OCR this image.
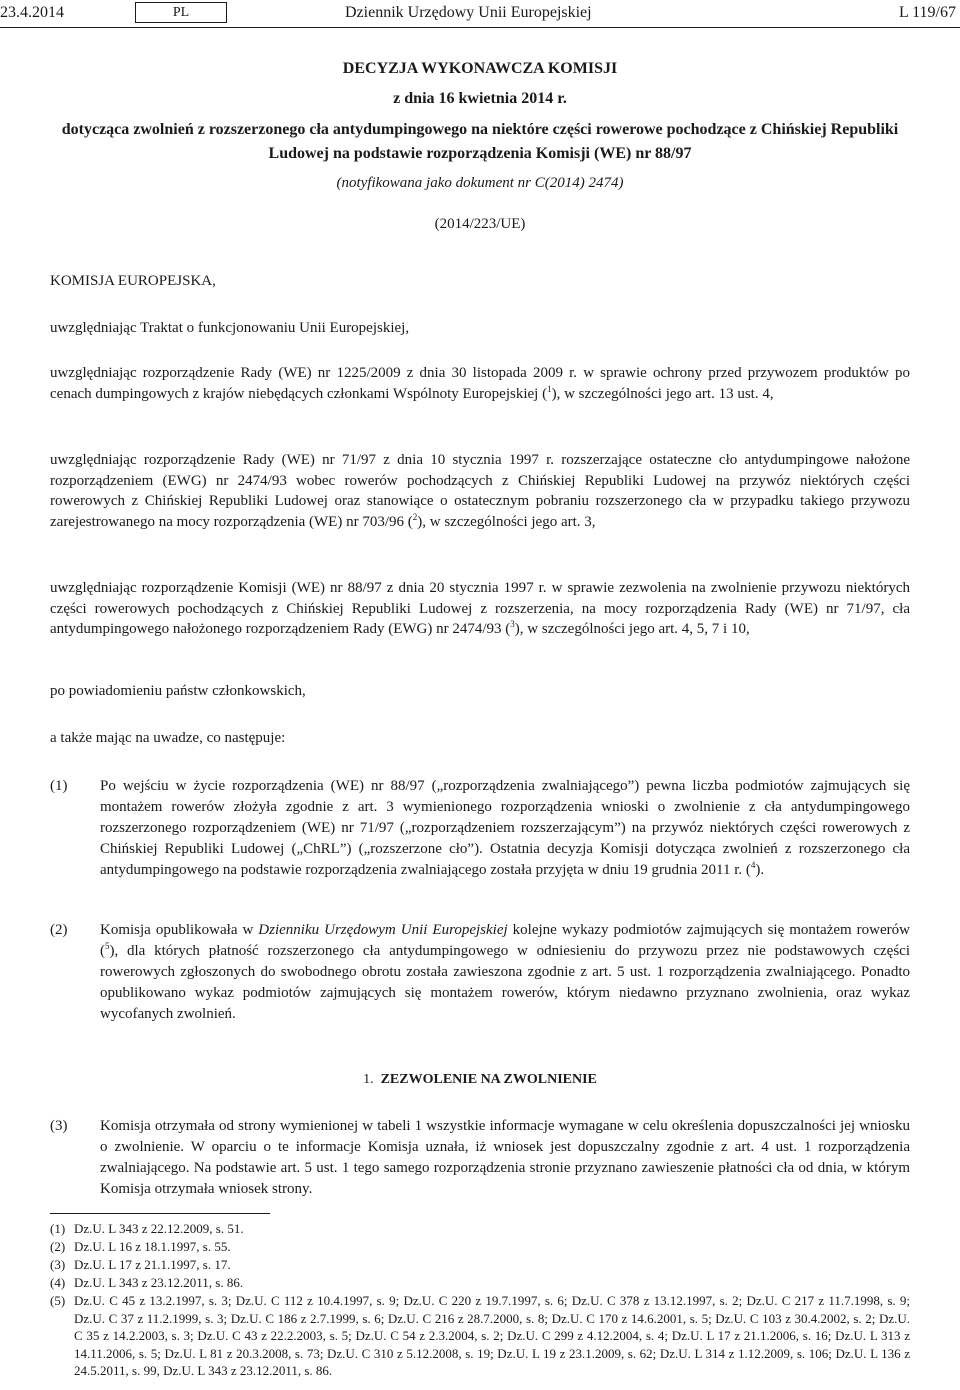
23.4.2014	PL	Dziennik Urzędowy Unii Europejskiej	L 119/67
DECYZJA WYKONAWCZA KOMISJI
z dnia 16 kwietnia 2014 r.
dotycząca zwolnień z rozszerzonego cła antydumpingowego na niektóre części rowerowe pochodzące z Chińskiej Republiki Ludowej na podstawie rozporządzenia Komisji (WE) nr 88/97
(notyfikowana jako dokument nr C(2014) 2474)
(2014/223/UE)

KOMISJA EUROPEJSKA,

uwzględniając Traktat o funkcjonowaniu Unii Europejskiej,

uwzględniając rozporządzenie Rady (WE) nr 1225/2009 z dnia 30 listopada 2009 r. w sprawie ochrony przed przywozem produktów po cenach dumpingowych z krajów niebędących członkami Wspólnoty Europejskiej ($^1$), w szczególności jego art. 13 ust. 4,

uwzględniając rozporządzenie Rady (WE) nr 71/97 z dnia 10 stycznia 1997 r. rozszerzające ostateczne cło antydumpingowe nałożone rozporządzeniem (EWG) nr 2474/93 wobec rowerów pochodzących z Chińskiej Republiki Ludowej na przywóz niektórych części rowerowych z Chińskiej Republiki Ludowej oraz stanowiące o ostatecznym pobraniu rozszerzonego cła w przypadku takiego przywozu zarejestrowanego na mocy rozporządzenia (WE) nr 703/96 ($^2$), w szczególności jego art. 3,

uwzględniając rozporządzenie Komisji (WE) nr 88/97 z dnia 20 stycznia 1997 r. w sprawie zezwolenia na zwolnienie przywozu niektórych części rowerowych pochodzących z Chińskiej Republiki Ludowej z rozszerzenia, na mocy rozporządzenia Rady (WE) nr 71/97, cła antydumpingowego nałożonego rozporządzeniem Rady (EWG) nr 2474/93 ($^3$), w szczególności jego art. 4, 5, 7 i 10,

po powiadomieniu państw członkowskich,

a także mając na uwadze, co następuje:

(1) Po wejściu w życie rozporządzenia (WE) nr 88/97 („rozporządzenia zwalniającego”) pewna liczba podmiotów zajmujących się montażem rowerów złożyła zgodnie z art. 3 wymienionego rozporządzenia wnioski o zwolnienie z cła antydumpingowego rozszerzonego rozporządzeniem (WE) nr 71/97 („rozporządzeniem rozszerzającym”) na przywóz niektórych części rowerowych z Chińskiej Republiki Ludowej („ChRL”) („rozszerzone cło”). Ostatnia decyzja Komisji dotycząca zwolnień z rozszerzonego cła antydumpingowego na podstawie rozporządzenia zwalniającego została przyjęta w dniu 19 grudnia 2011 r. ($^4$).
(2) Komisja opublikowała w Dzienniku Urzędowym Unii Europejskiej kolejne wykazy podmiotów zajmujących się montażem rowerów ($^5$), dla których płatność rozszerzonego cła antydumpingowego w odniesieniu do przywozu przez nie podstawowych części rowerowych zgłoszonych do swobodnego obrotu została zawieszona zgodnie z art. 5 ust. 1 rozporządzenia zwalniającego. Ponadto opublikowano wykaz podmiotów zajmujących się montażem rowerów, którym niedawno przyznano zwolnienia, oraz wykaz wycofanych zwolnień.
1. ZEZWOLENIE NA ZWOLNIENIE
(3) Komisja otrzymała od strony wymienionej w tabeli 1 wszystkie informacje wymagane w celu określenia dopuszczalności jej wniosku o zwolnienie. W oparciu o te informacje Komisja uznała, iż wniosek jest dopuszczalny zgodnie z art. 4 ust. 1 rozporządzenia zwalniającego. Na podstawie art. 5 ust. 1 tego samego rozporządzenia stronie przyznano zawieszenie płatności cła od dnia, w którym Komisja otrzymała wniosek strony.
(1) Dz.U. L 343 z 22.12.2009, s. 51.
(2) Dz.U. L 16 z 18.1.1997, s. 55.
(3) Dz.U. L 17 z 21.1.1997, s. 17.
(4) Dz.U. L 343 z 23.12.2011, s. 86.
(5) Dz.U. C 45 z 13.2.1997, s. 3; Dz.U. C 112 z 10.4.1997, s. 9; Dz.U. C 220 z 19.7.1997, s. 6; Dz.U. C 378 z 13.12.1997, s. 2; Dz.U. C 217 z 11.7.1998, s. 9; Dz.U. C 37 z 11.2.1999, s. 3; Dz.U. C 186 z 2.7.1999, s. 6; Dz.U. C 216 z 28.7.2000, s. 8; Dz.U. C 170 z 14.6.2001, s. 5; Dz.U. C 103 z 30.4.2002, s. 2; Dz.U. C 35 z 14.2.2003, s. 3; Dz.U. C 43 z 22.2.2003, s. 5; Dz.U. C 54 z 2.3.2004, s. 2; Dz.U. C 299 z 4.12.2004, s. 4; Dz.U. L 17 z 21.1.2006, s. 16; Dz.U. L 313 z 14.11.2006, s. 5; Dz.U. L 81 z 20.3.2008, s. 73; Dz.U. C 310 z 5.12.2008, s. 19; Dz.U. L 19 z 23.1.2009, s. 62; Dz.U. L 314 z 1.12.2009, s. 106; Dz.U. L 136 z 24.5.2011, s. 99, Dz.U. L 343 z 23.12.2011, s. 86.
